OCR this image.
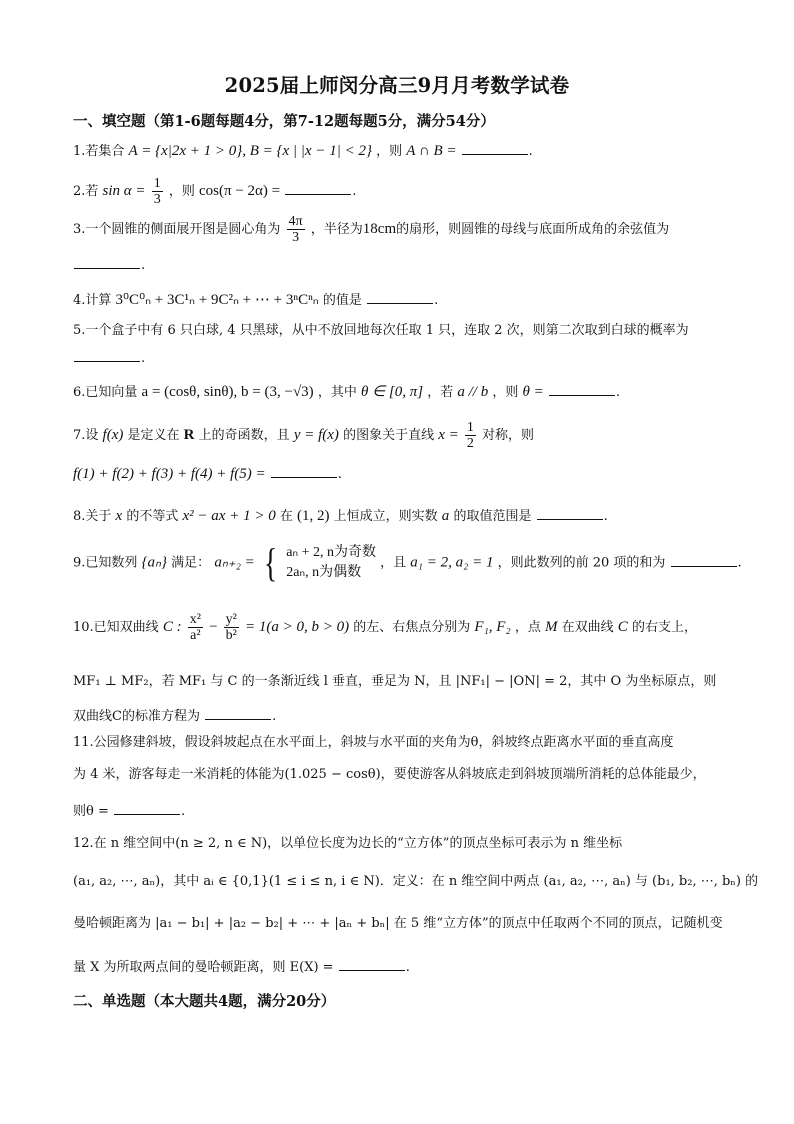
2025届上师闵分高三9月月考数学试卷
一、填空题（第1-6题每题4分，第7-12题每题5分，满分54分）
1.若集合 A = {x|2x + 1 > 0}, B = {x | |x − 1| < 2} ，则 A ∩ B =	.
2.若 $\sin \alpha = \frac{1}{3}$ ，则 cos(π − 2α) =	.
3.一个圆锥的侧面展开图是圆心角为 $\frac{4\pi}{3}$ ，半径为18cm的扇形，则圆锥的母线与底面所成角的余弦值为
.
4.计算 3⁰C⁰ₙ + 3C¹ₙ + 9C²ₙ + ⋯ + 3ⁿCⁿₙ 的值是	.
5.一个盒子中有 6 只白球, 4 只黑球，从中不放回地每次任取 1 只，连取 2 次，则第二次取到白球的概率为
.
6.已知向量 a = (cosθ, sinθ), b = (3, −√3) ，其中 θ ∈ [0, π] ，若 a // b ，则 θ =	.
7.设 f(x) 是定义在 R 上的奇函数，且 y = f(x) 的图象关于直线 $x = \frac{1}{2}$ 对称，则
f(1) + f(2) + f(3) + f(4) + f(5) =	.
8.关于 x 的不等式 x² − ax + 1 > 0 在 (1, 2) 上恒成立，则实数 a 的取值范围是	.
9.已知数列 {aₙ} 满足： aₙ₊₂ = { aₙ + 2, n为奇数
2aₙ, n为偶数
，且 a₁ = 2, a₂ = 1 ，则此数列的前 20 项的和为	.
10.已知双曲线 C : $\frac{\text{x²}}{\text{a²}} - \frac{\text{y²}}{\text{b²}} = 1(a > 0$, b > 0) 的左、右焦点分别为 F₁, F₂ ，点 M 在双曲线 C 的右支上，
MF₁ ⊥ MF₂，若 MF₁ 与 C 的一条渐近线 l 垂直，垂足为 N，且 |NF₁| − |ON| = 2，其中 O 为坐标原点，则
双曲线C的标准方程为	.
11.公园修建斜坡，假设斜坡起点在水平面上，斜坡与水平面的夹角为θ，斜坡终点距离水平面的垂直高度
为 4 米，游客每走一米消耗的体能为(1.025 − cosθ)，要使游客从斜坡底走到斜坡顶端所消耗的总体能最少，
则θ =	.
12.在 n 维空间中(n ≥ 2, n ∈ N)，以单位长度为边长的“立方体”的顶点坐标可表示为 n 维坐标
(a₁, a₂, ⋯, aₙ)，其中 aᵢ ∈ {0,1}(1 ≤ i ≤ n, i ∈ N)．定义：在 n 维空间中两点 (a₁, a₂, ⋯, aₙ) 与 (b₁, b₂, ⋯, bₙ) 的
曼哈顿距离为 |a₁ − b₁| + |a₂ − b₂| + ⋯ + |aₙ + bₙ| 在 5 维“立方体”的顶点中任取两个不同的顶点，记随机变
量 X 为所取两点间的曼哈顿距离，则 E(X) =	.
二、单选题（本大题共4题，满分20分）
